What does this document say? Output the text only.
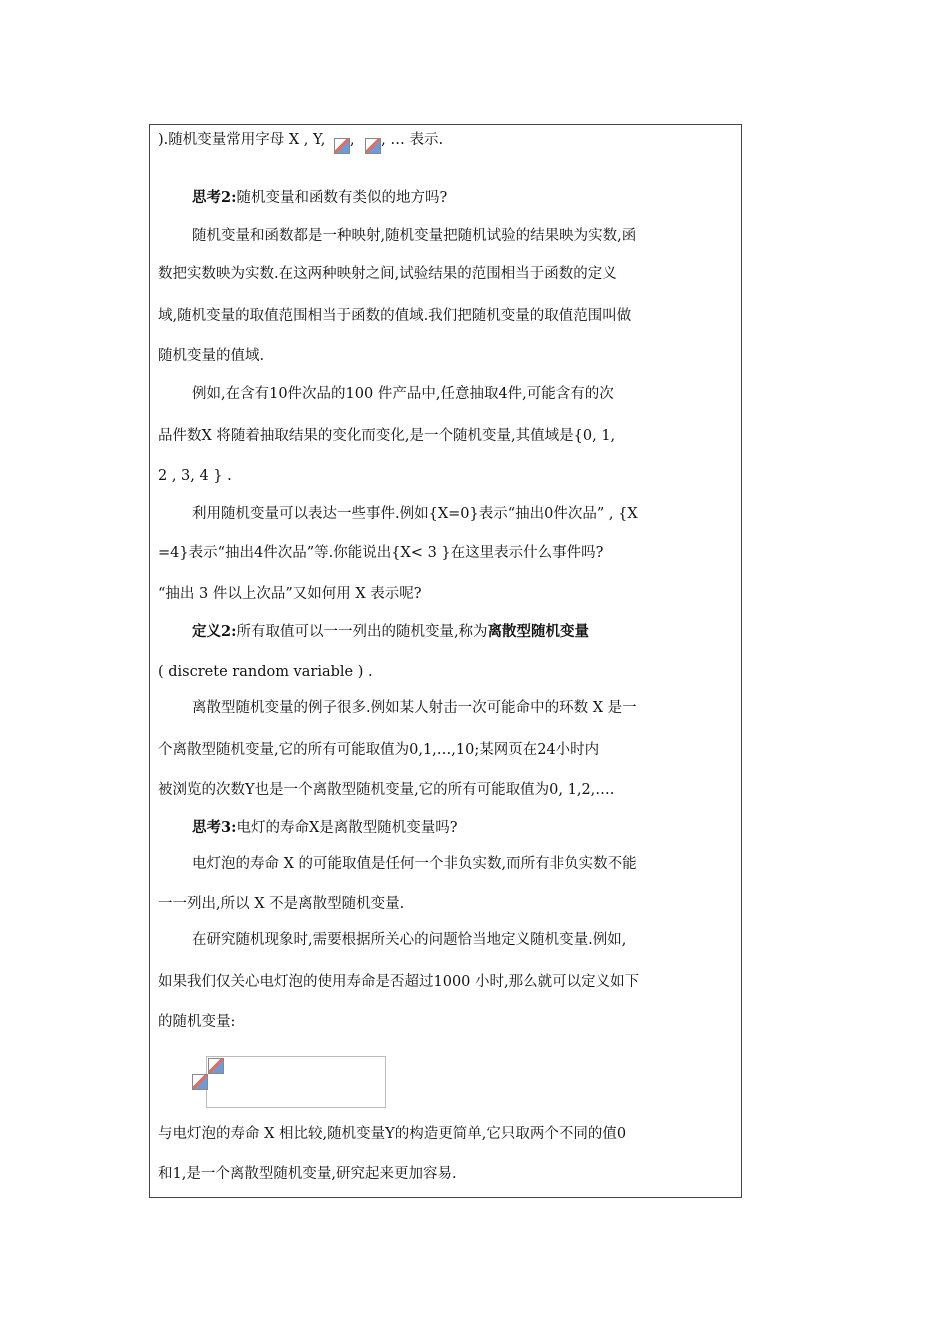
).随机变量常用字母 X , Y, , , … 表示.
思考2:随机变量和函数有类似的地方吗?
随机变量和函数都是一种映射,随机变量把随机试验的结果映为实数,函
数把实数映为实数.在这两种映射之间,试验结果的范围相当于函数的定义
域,随机变量的取值范围相当于函数的值域.我们把随机变量的取值范围叫做
随机变量的值域.
例如,在含有10件次品的100 件产品中,任意抽取4件,可能含有的次
品件数X 将随着抽取结果的变化而变化,是一个随机变量,其值域是{0, 1,
2 , 3, 4 } .
利用随机变量可以表达一些事件.例如{X=0}表示“抽出0件次品” , {X
=4}表示“抽出4件次品”等.你能说出{X< 3 }在这里表示什么事件吗?
“抽出 3 件以上次品”又如何用 X 表示呢?
定义2:所有取值可以一一列出的随机变量,称为离散型随机变量
( discrete random variable ) .
离散型随机变量的例子很多.例如某人射击一次可能命中的环数 X 是一
个离散型随机变量,它的所有可能取值为0,1,…,10;某网页在24小时内
被浏览的次数Y也是一个离散型随机变量,它的所有可能取值为0, 1,2,….
思考3:电灯的寿命X是离散型随机变量吗?
电灯泡的寿命 X 的可能取值是任何一个非负实数,而所有非负实数不能
一一列出,所以 X 不是离散型随机变量.
在研究随机现象时,需要根据所关心的问题恰当地定义随机变量.例如,
如果我们仅关心电灯泡的使用寿命是否超过1000 小时,那么就可以定义如下
的随机变量:
与电灯泡的寿命 X 相比较,随机变量Y的构造更简单,它只取两个不同的值0
和1,是一个离散型随机变量,研究起来更加容易.
